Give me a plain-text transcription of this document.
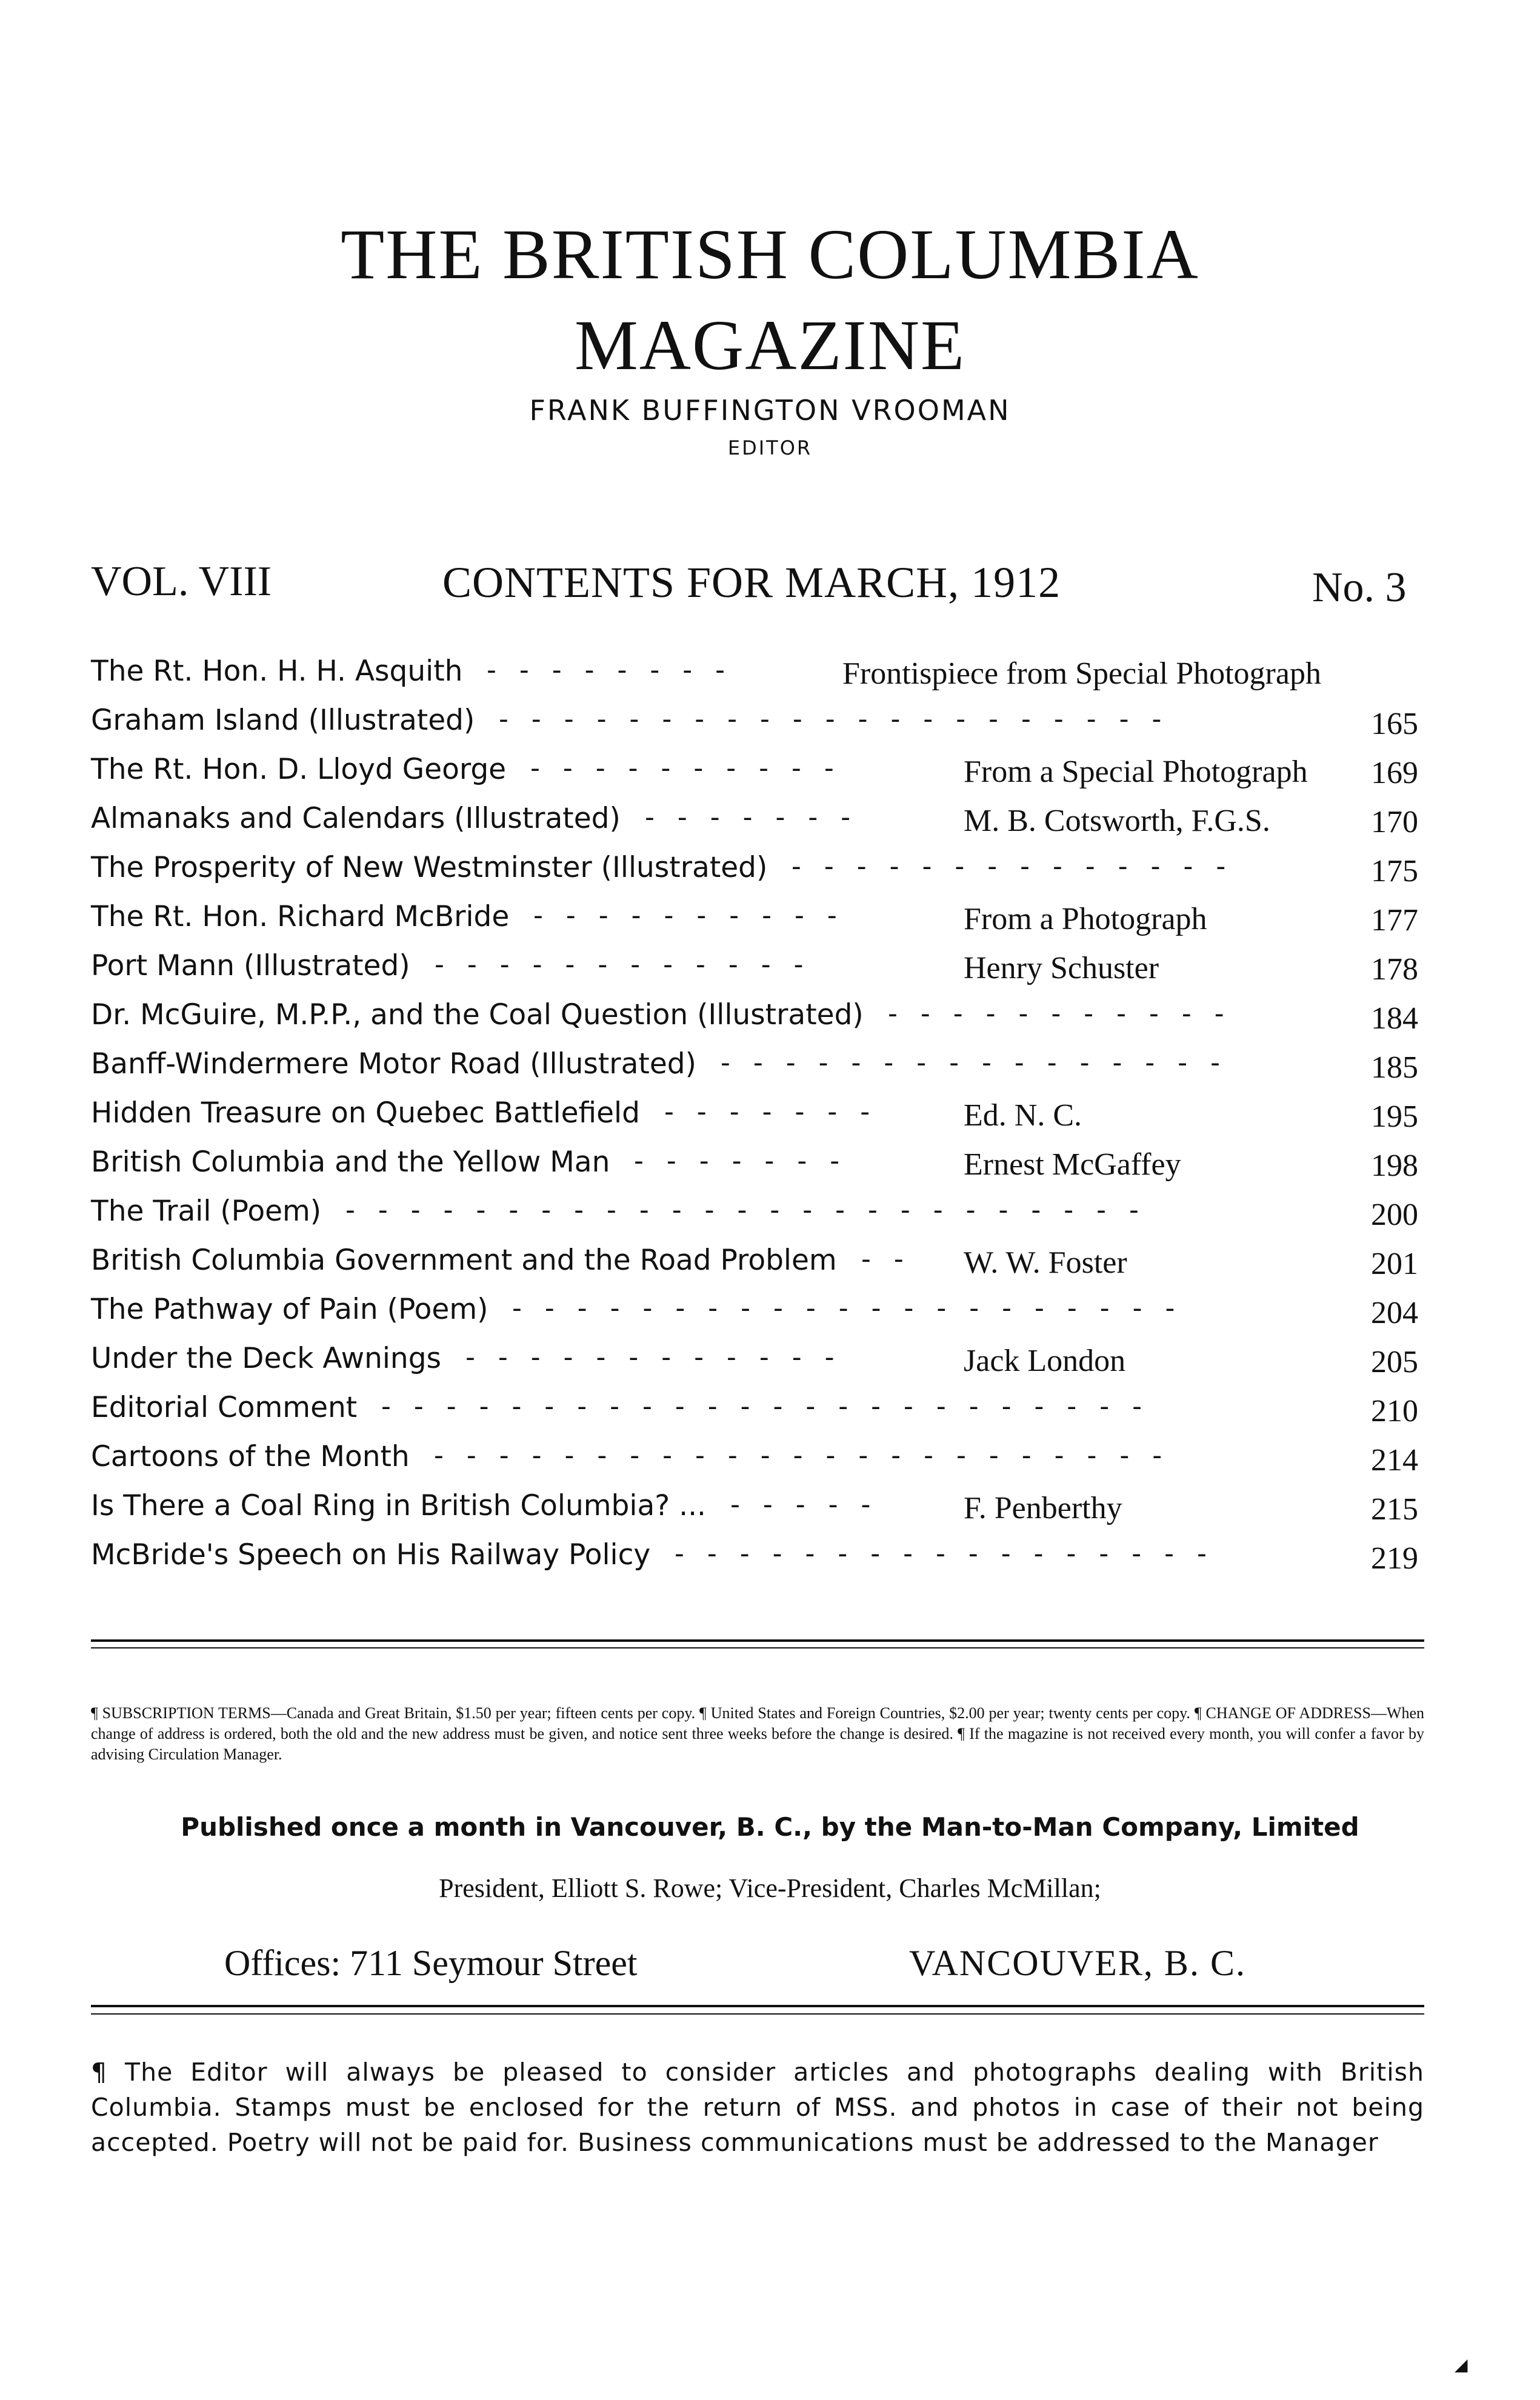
THE BRITISH COLUMBIA
MAGAZINE
FRANK BUFFINGTON VROOMAN
EDITOR
VOL. VIII	CONTENTS FOR MARCH, 1912	No. 3
The Rt. Hon. H. H. Asquith	Frontispiece from Special Photograph
--------
Graham Island (Illustrated)	165
---------------------
The Rt. Hon. D. Lloyd George	From a Special Photograph 169
----------
Almanaks and Calendars (Illustrated)	M. B. Cotsworth, F.G.S.	170
-------
The Prosperity of New Westminster (Illustrated)	175
--------------
The Rt. Hon. Richard McBride	From a Photograph	177
----------
Port Mann (Illustrated)	Henry Schuster	178
------------
Dr. McGuire, M.P.P., and the Coal Question (Illustrated)	184
-----------
Banff-Windermere Motor Road (Illustrated)	185
----------------
Hidden Treasure on Quebec Battlefield	Ed. N. C.	195
-------
British Columbia and the Yellow Man	Ernest McGaffey	198
-------
The Trail (Poem)	200
-------------------------
British Columbia Government and the Road Problem	W. W. Foster	201
--
The Pathway of Pain (Poem)	204
---------------------
Under the Deck Awnings	Jack London	205
------------
Editorial Comment	210
------------------------
Cartoons of the Month	214
-----------------------
Is There a Coal Ring in British Columbia? ...	F. Penberthy	215
-----
McBride's Speech on His Railway Policy	219
-----------------
¶ SUBSCRIPTION TERMS—Canada and Great Britain, $1.50 per year; fifteen cents per copy. ¶ United States and Foreign Countries, $2.00 per year; twenty cents per copy. ¶ CHANGE OF ADDRESS—When change of address is ordered, both the old and the new address must be given, and notice sent three weeks before the change is desired. ¶ If the magazine is not received every month, you will confer a favor by advising Circulation Manager.
Published once a month in Vancouver, B. C., by the Man-to-Man Company, Limited
President, Elliott S. Rowe; Vice-President, Charles McMillan;
Offices: 711 Seymour Street	VANCOUVER, B. C.
¶ The Editor will always be pleased to consider articles and photographs dealing with British Columbia. Stamps must be enclosed for the return of MSS. and photos in case of their not being accepted. Poetry will not be paid for. Business communications must be addressed to the Manager
◢
